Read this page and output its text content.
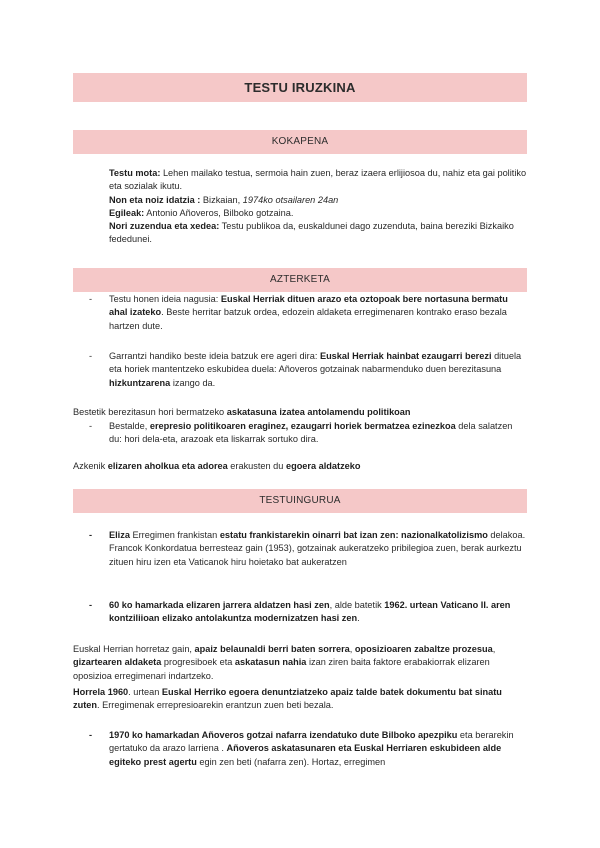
TESTU IRUZKINA
KOKAPENA

Testu mota: Lehen mailako testua, sermoia hain zuen, beraz izaera erlijiosoa du, nahiz eta gai politiko eta sozialak ikutu.

Non eta noiz idatzia : Bizkaian, 1974ko otsailaren 24an

Egileak: Antonio Añoveros, Bilboko gotzaina.

Nori zuzendua eta xedea: Testu publikoa da, euskaldunei dago zuzendutа, baina bereziki Bizkaiko fededunei.

AZTERKETA
- Testu honen ideia nagusia: Euskal Herriak dituen arazo eta oztopoak bere nortasuna bermatu ahal izateko. Beste herritar batzuk ordea, edozein aldaketa erregimenaren kontrako eraso bezala hartzen dute.

- Garrantzi handiko beste ideia batzuk ere ageri dira: Euskal Herriak hainbat ezaugarri berezi dituela eta horiek mantentzeko eskubidea duela: Añoveros gotzainak nabarmenduko duen berezitasuna hizkuntzarena izango da.

Bestetik berezitasun hori bermatzeko askatasuna izatea antolamendu politikoan

- Bestalde, erepresio politikoaren eraginez, ezaugarri horiek bermatzea ezinezkoa dela salatzen du: hori dela-eta, arazoak eta liskarrak sortuko dira.

Azkenik elizaren aholkua eta adorea erakusten du egoera aldatzeko

TESTUINGURUA
- Eliza Erregimen frankistan estatu frankistarekin oinarri bat izan zen: nazionalkatolizismo delakoa. Francok Konkordatua berresteaz gain (1953), gotzainak aukeratzeko pribilegioa zuen, berak aurkeztu zituen hiru izen eta Vaticanok hiru hoietako bat aukeratzen

- 60 ko hamarkada elizaren jarrera aldatzen hasi zen, alde batetik 1962. urtean Vaticano II. aren kontziliioan elizako antolakuntza modernizatzen hasi zen.

Euskal Herrian horretaz gain, apaiz belaunaldi berri baten sorrera, oposizioaren zabaltze prozesua, gizartearen aldaketa progresiboek eta askatasun nahia izan ziren baita faktore erabakiorrak elizaren oposizioa erregimenari indartzeko.

Horrela 1960. urtean Euskal Herriko egoera denuntziatzeko apaiz talde batek dokumentu bat sinatu zuten. Erregimenak errepresioarekin erantzun zuen beti bezala.

- 1970 ko hamarkadan Añoveros gotzai nafarra izendatuko dute Bilboko apezpiku eta berarekin gertatuko da arazo larriena . Añoveros askatasunaren eta Euskal Herriaren eskubideen alde egiteko prest agertu egin zen beti (nafarra zen). Hortaz, erregimen
